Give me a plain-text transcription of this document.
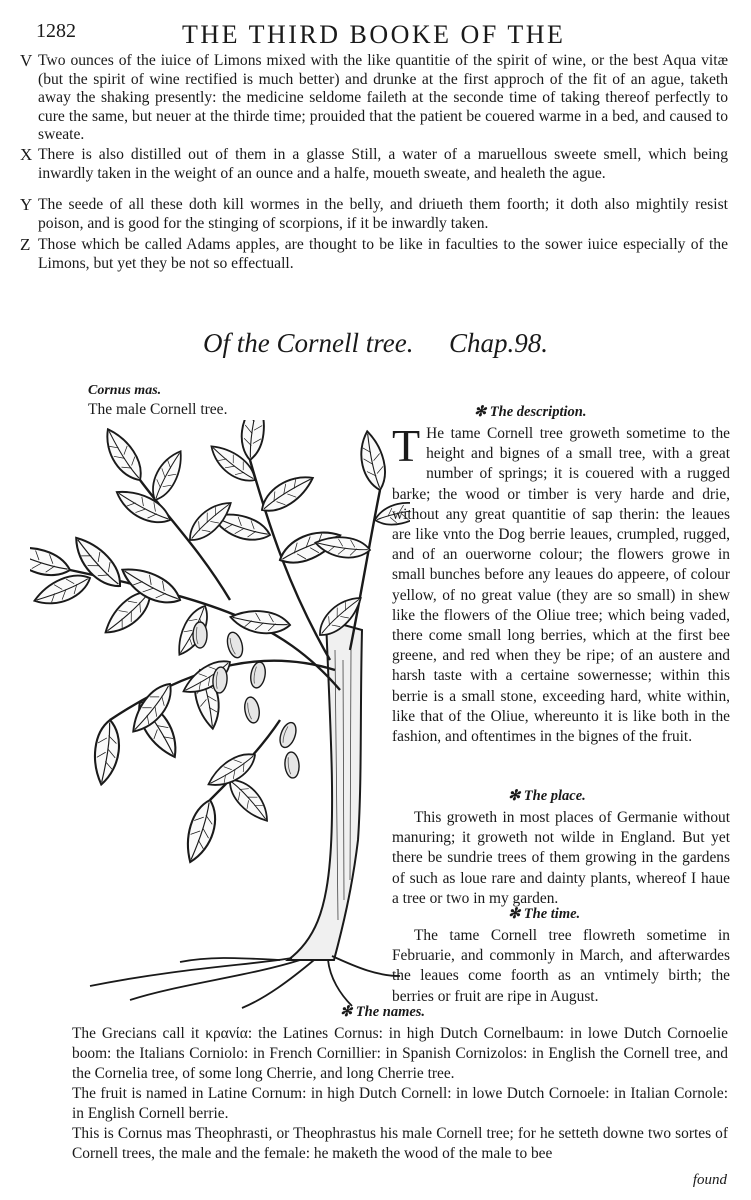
1282	THE THIRD BOOKE OF THE
V Two ounces of the iuice of Limons mixed with the like quantitie of the spirit of wine, or the best Aqua vitæ (but the spirit of wine rectified is much better) and drunke at the first approch of the fit of an ague, taketh away the shaking presently: the medicine seldome faileth at the seconde time of taking thereof perfectly to cure the same, but neuer at the thirde time; prouided that the patient be couered warme in a bed, and caused to sweate.
X There is also distilled out of them in a glasse Still, a water of a maruellous sweete smell, which being inwardly taken in the weight of an ounce and a halfe, moueth sweate, and healeth the ague.
Y The seede of all these doth kill wormes in the belly, and driueth them foorth; it doth also mightily resist poison, and is good for the stinging of scorpions, if it be inwardly taken.
Z Those which be called Adams apples, are thought to be like in faculties to the sower iuice especially of the Limons, but yet they be not so effectuall.
Of the Cornell tree. Chap.98.
Cornus mas.
The male Cornell tree.	✻ The description.
T He tame Cornell tree groweth sometime to the height and bignes of a small tree, with a great number of springs; it is couered with a rugged barke; the wood or timber is very harde and drie, without any great quantitie of sap therin: the leaues are like vnto the Dog berrie leaues, crumpled, rugged, and of an ouerworne colour; the flowers growe in small bunches before any leaues do appeere, of colour yellow, of no great value (they are so small) in shew like the flowers of the Oliue tree; which being vaded, there come small long berries, which at the first bee greene, and red when they be ripe; of an austere and harsh taste with a certaine sowernesse; within this berrie is a small stone, exceeding hard, white within, like that of the Oliue, whereunto it is like both in the fashion, and oftentimes in the bignes of the fruit.
✻ The place.
This groweth in most places of Germanie without manuring; it groweth not wilde in England. But yet there be sundrie trees of them growing in the gardens of such as loue rare and dainty plants, whereof I haue a tree or two in my garden.
✻ The time.
The tame Cornell tree flowreth sometime in Februarie, and commonly in March, and afterwardes the leaues come foorth as an vntimely birth; the berries or fruit are ripe in August.
✻ The names.
The Grecians call it κρανία: the Latines Cornus: in high Dutch Cornelbaum: in lowe Dutch Cornoelie boom: the Italians Corniolo: in French Cornillier: in Spanish Cornizolos: in English the Cornell tree, and the Cornelia tree, of some long Cherrie, and long Cherrie tree.
The fruit is named in Latine Cornum: in high Dutch Cornell: in lowe Dutch Cornoele: in Italian Cornole: in English Cornell berrie.
This is Cornus mas Theophrasti, or Theophrastus his male Cornell tree; for he setteth downe two sortes of Cornell trees, the male and the female: he maketh the wood of the male to bee
found
